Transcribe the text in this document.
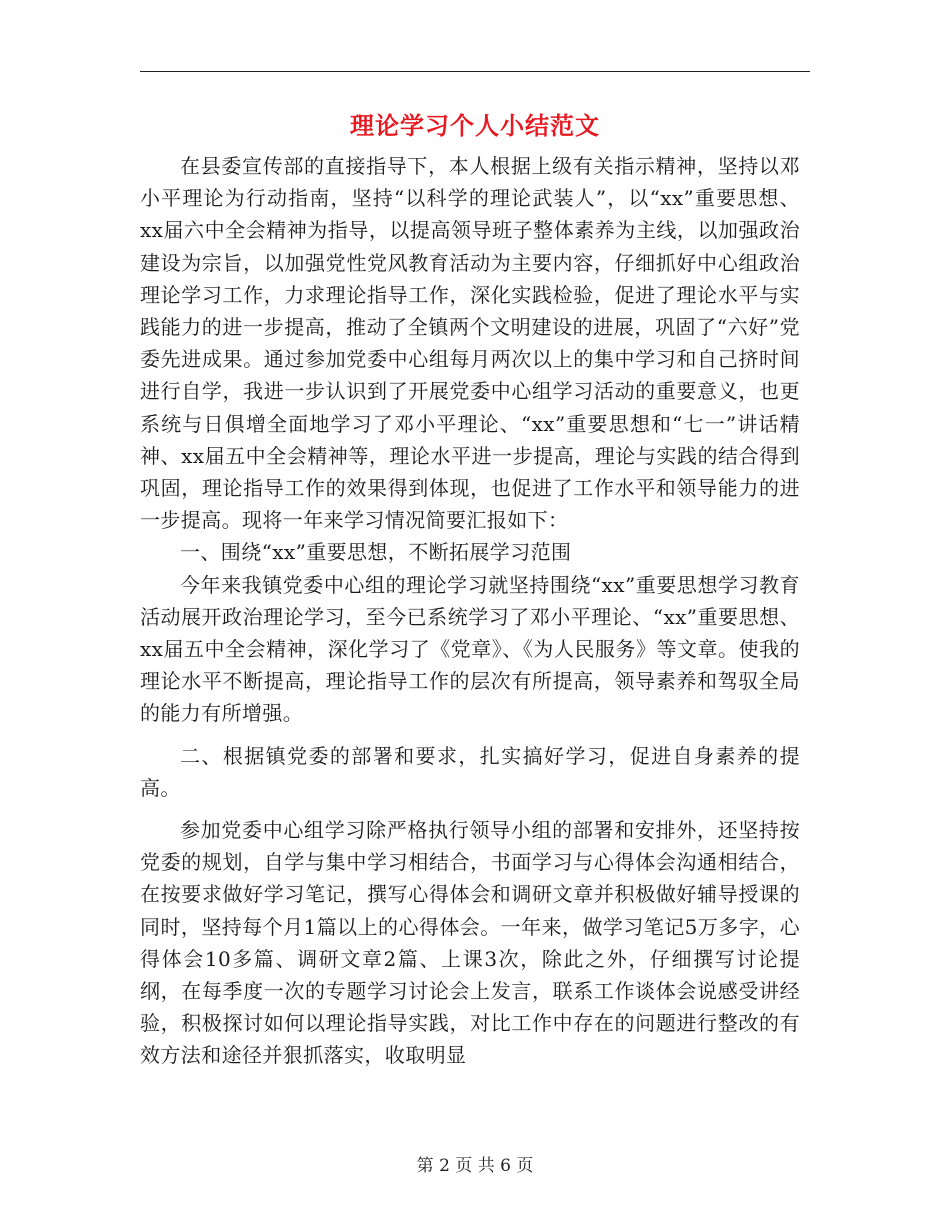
理论学习个人小结范文

在县委宣传部的直接指导下，本人根据上级有关指示精神，坚持以邓小平理论为行动指南，坚持“以科学的理论武装人”，以“xx”重要思想、xx届六中全会精神为指导，以提高领导班子整体素养为主线，以加强政治建设为宗旨，以加强党性党风教育活动为主要内容，仔细抓好中心组政治理论学习工作，力求理论指导工作，深化实践检验，促进了理论水平与实践能力的进一步提高，推动了全镇两个文明建设的进展，巩固了“六好”党委先进成果。通过参加党委中心组每月两次以上的集中学习和自己挤时间进行自学，我进一步认识到了开展党委中心组学习活动的重要意义，也更系统与日俱增全面地学习了邓小平理论、“xx”重要思想和“七一”讲话精神、xx届五中全会精神等，理论水平进一步提高，理论与实践的结合得到巩固，理论指导工作的效果得到体现，也促进了工作水平和领导能力的进一步提高。现将一年来学习情况简要汇报如下：

一、围绕“xx”重要思想，不断拓展学习范围

今年来我镇党委中心组的理论学习就坚持围绕“xx”重要思想学习教育活动展开政治理论学习，至今已系统学习了邓小平理论、“xx”重要思想、xx届五中全会精神，深化学习了《党章》、《为人民服务》等文章。使我的理论水平不断提高，理论指导工作的层次有所提高，领导素养和驾驭全局的能力有所增强。

二、根据镇党委的部署和要求，扎实搞好学习，促进自身素养的提高。

参加党委中心组学习除严格执行领导小组的部署和安排外，还坚持按党委的规划，自学与集中学习相结合，书面学习与心得体会沟通相结合，在按要求做好学习笔记，撰写心得体会和调研文章并积极做好辅导授课的同时，坚持每个月1篇以上的心得体会。一年来，做学习笔记5万多字，心得体会10多篇、调研文章2篇、上课3次，除此之外，仔细撰写讨论提纲，在每季度一次的专题学习讨论会上发言，联系工作谈体会说感受讲经验，积极探讨如何以理论指导实践，对比工作中存在的问题进行整改的有效方法和途径并狠抓落实，收取明显

第 2 页 共 6 页
